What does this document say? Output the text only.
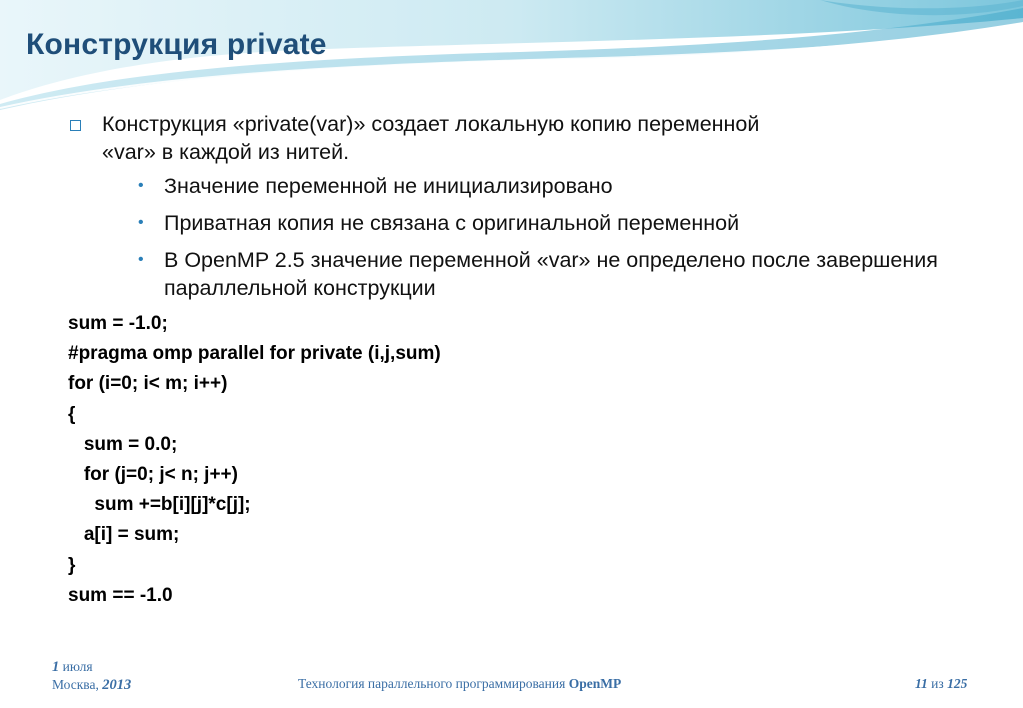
Конструкция private
Конструкция «private(var)» создает локальную копию переменной
«var» в каждой из нитей.
• Значение переменной не инициализировано
• Приватная копия не связана с оригинальной переменной
• В OpenMP 2.5 значение переменной «var» не определено после завершения параллельной конструкции
sum = -1.0;
#pragma omp parallel for private (i,j,sum)
for (i=0; i< m; i++)
{
sum = 0.0;
for (j=0; j< n; j++)
sum +=b[i][j]*c[j];
a[i] = sum;
}
sum == -1.0
1 июля
Москва, 2013	Технология параллельного программирования OpenMP	11 из 125
